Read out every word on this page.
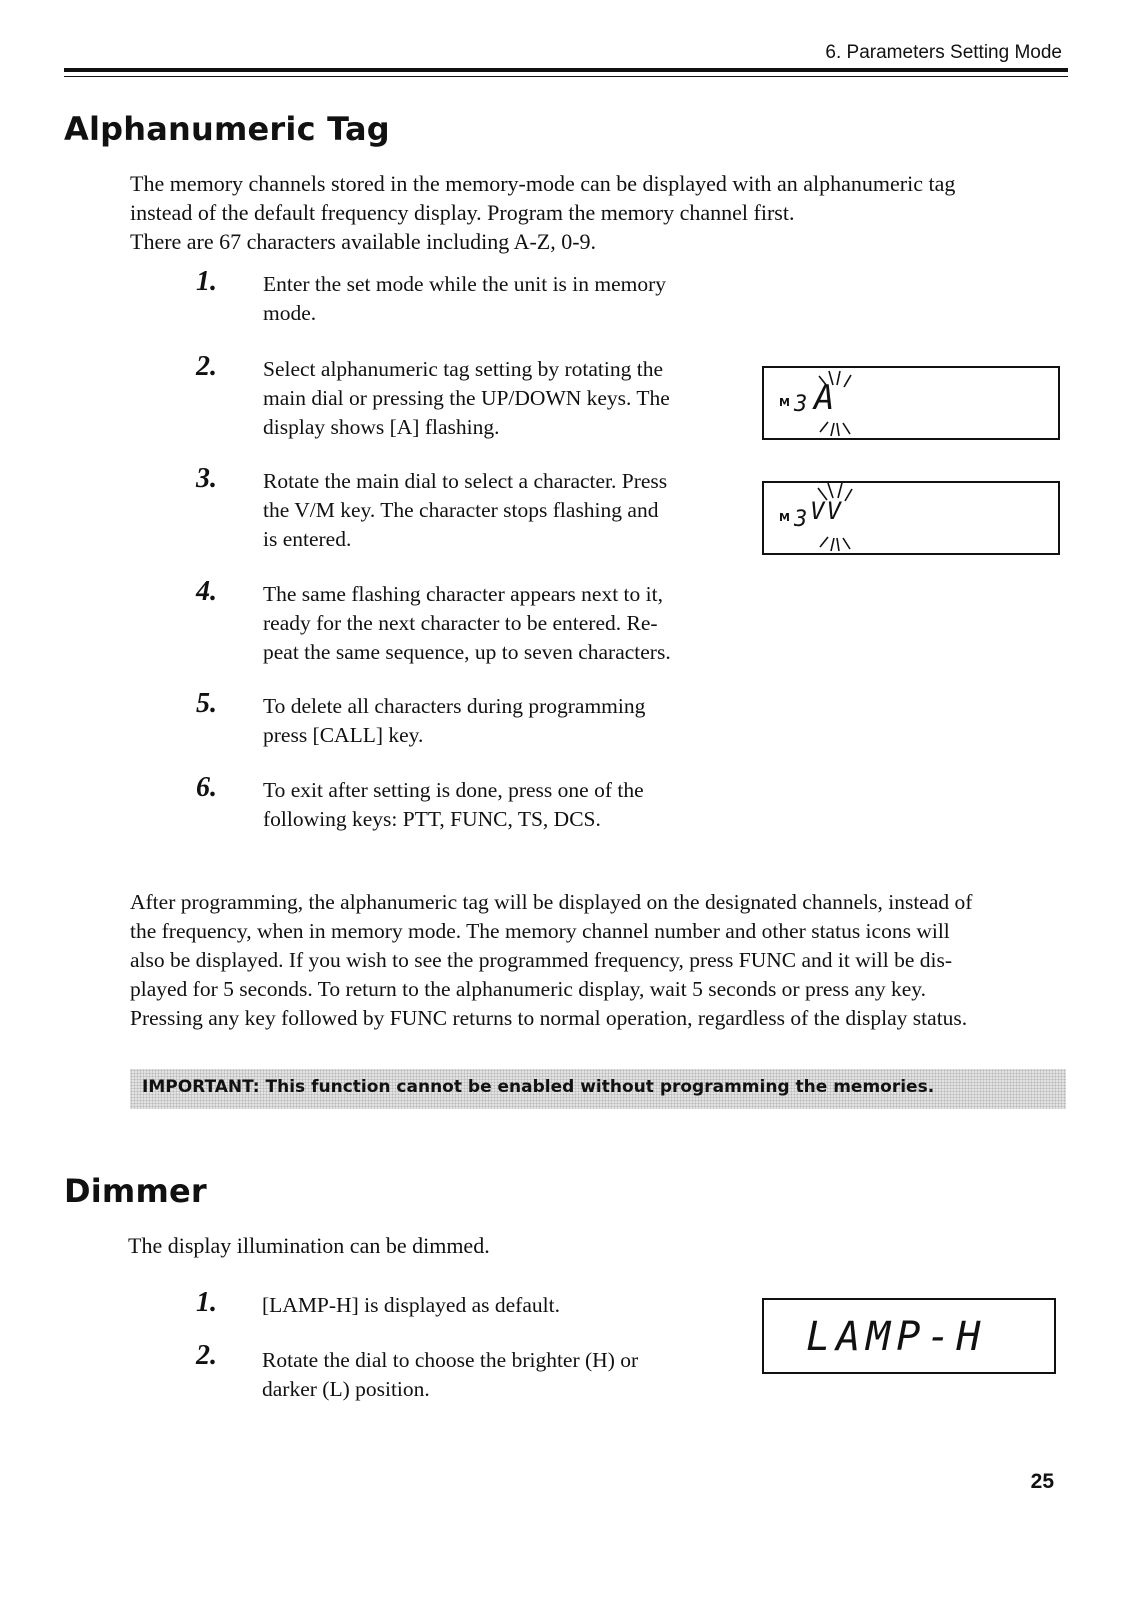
6. Parameters Setting Mode
Alphanumeric Tag
The memory channels stored in the memory-mode can be displayed with an alphanumeric tag
instead of the default frequency display. Program the memory channel first.
There are 67 characters available including A-Z, 0-9.
1. Enter the set mode while the unit is in memory
mode.
2. Select alphanumeric tag setting by rotating the
main dial or pressing the UP/DOWN keys. The
display shows [A] flashing.
3. Rotate the main dial to select a character. Press
the V/M key. The character stops flashing and
is entered.
4. The same flashing character appears next to it,
ready for the next character to be entered. Re-
peat the same sequence, up to seven characters.
5. To delete all characters during programming
press [CALL] key.
6. To exit after setting is done, press one of the
following keys: PTT, FUNC, TS, DCS.
M 3 A
M 3 VV
After programming, the alphanumeric tag will be displayed on the designated channels, instead of
the frequency, when in memory mode. The memory channel number and other status icons will
also be displayed. If you wish to see the programmed frequency, press FUNC and it will be dis-
played for 5 seconds. To return to the alphanumeric display, wait 5 seconds or press any key.
Pressing any key followed by FUNC returns to normal operation, regardless of the display status.
IMPORTANT: This function cannot be enabled without programming the memories.
Dimmer
The display illumination can be dimmed.
1. [LAMP-H] is displayed as default.
2. Rotate the dial to choose the brighter (H) or
darker (L) position.
LAMP-H
25
